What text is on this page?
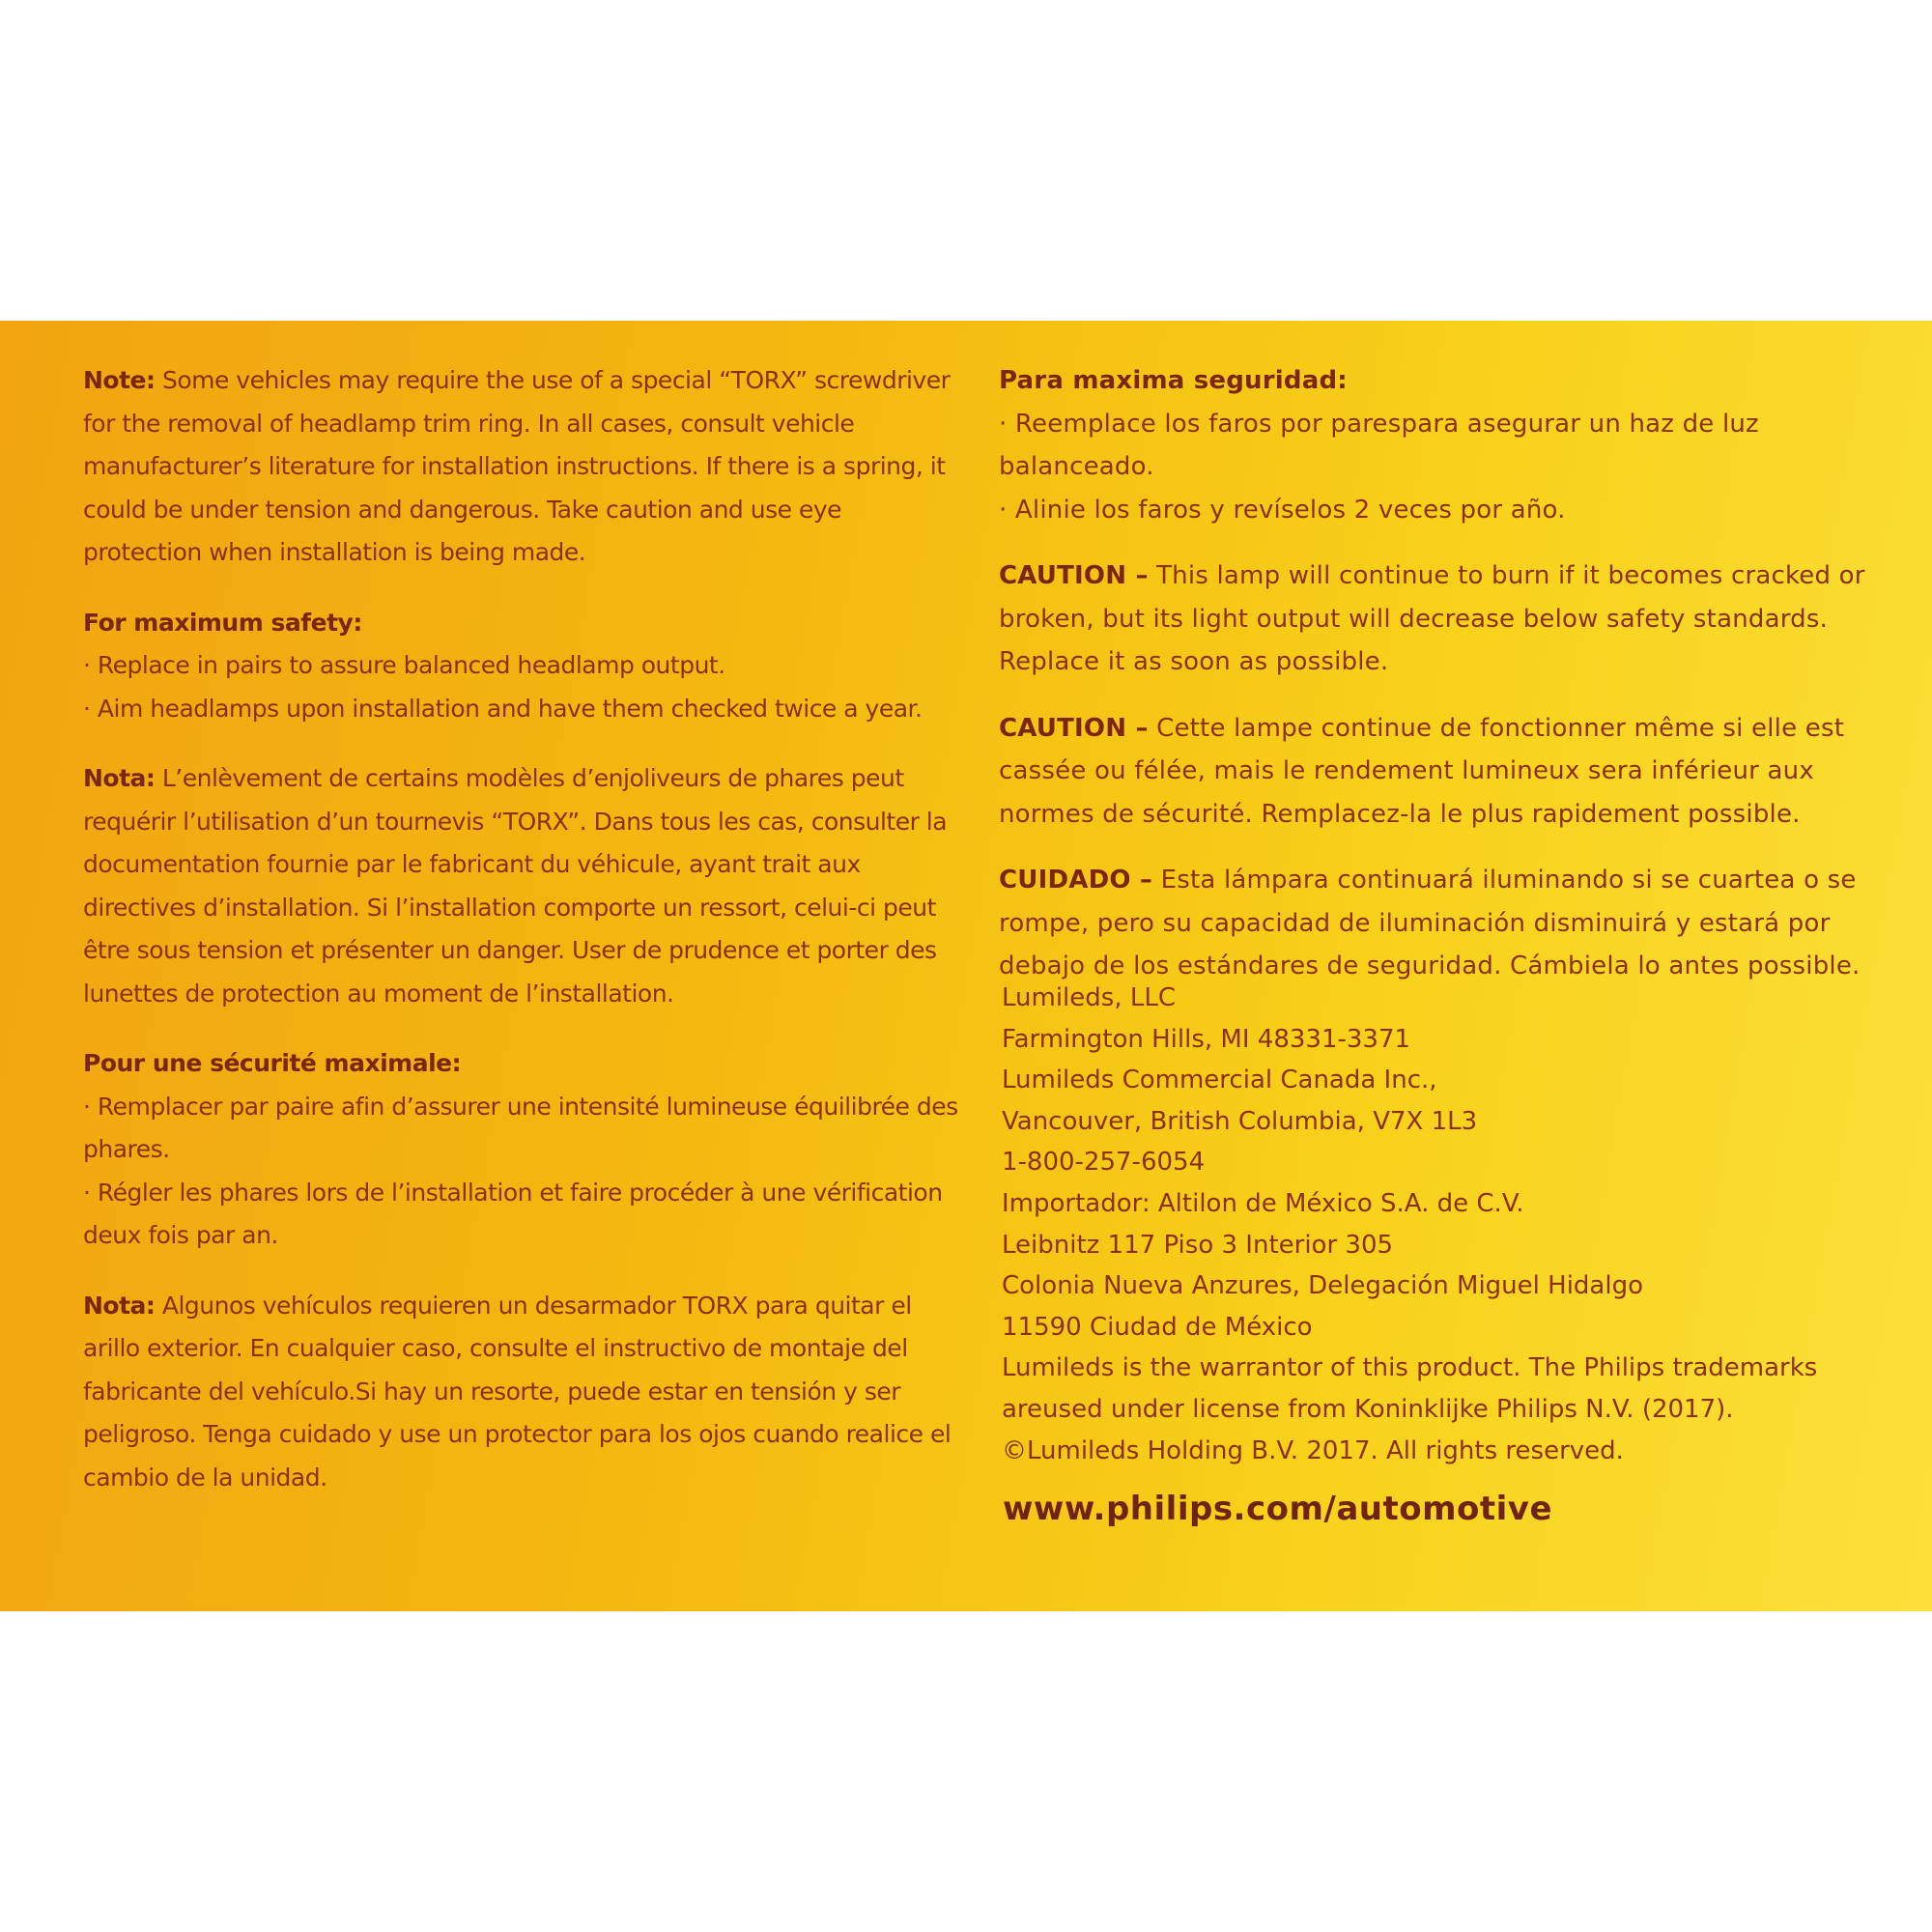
Note: Some vehicles may require the use of a special “TORX” screwdriver for the removal of headlamp trim ring. In all cases, consult vehicle manufacturer’s literature for installation instructions. If there is a spring, it could be under tension and dangerous. Take caution and use eye protection when installation is being made.

For maximum safety:

· Replace in pairs to assure balanced headlamp output.
· Aim headlamps upon installation and have them checked twice a year.

Nota: L’enlèvement de certains modèles d’enjoliveurs de phares peut requérir l’utilisation d’un tournevis “TORX”. Dans tous les cas, consulter la documentation fournie par le fabricant du véhicule, ayant trait aux directives d’installation. Si l’installation comporte un ressort, celui-ci peut être sous tension et présenter un danger. User de prudence et porter des lunettes de protection au moment de l’installation.

Pour une sécurité maximale:

· Remplacer par paire afin d’assurer une intensité lumineuse équilibrée des phares.
· Régler les phares lors de l’installation et faire procéder à une vérification deux fois par an.

Nota: Algunos vehículos requieren un desarmador TORX para quitar el arillo exterior. En cualquier caso, consulte el instructivo de montaje del fabricante del vehículo.Si hay un resorte, puede estar en tensión y ser peligroso. Tenga cuidado y use un protector para los ojos cuando realice el cambio de la unidad.

Para maxima seguridad:

· Reemplace los faros por parespara asegurar un haz de luz balanceado.
· Alinie los faros y revíselos 2 veces por año.

CAUTION – This lamp will continue to burn if it becomes cracked or broken, but its light output will decrease below safety standards. Replace it as soon as possible.

CAUTION – Cette lampe continue de fonctionner même si elle est cassée ou félée, mais le rendement lumineux sera inférieur aux normes de sécurité. Remplacez-la le plus rapidement possible.

CUIDADO – Esta lámpara continuará iluminando si se cuartea o se rompe, pero su capacidad de iluminación disminuirá y estará por debajo de los estándares de seguridad. Cámbiela lo antes possible.

Lumileds, LLC
Farmington Hills, MI 48331-3371
Lumileds Commercial Canada Inc.,
Vancouver, British Columbia, V7X 1L3
1-800-257-6054
Importador: Altilon de México S.A. de C.V.
Leibnitz 117 Piso 3 Interior 305
Colonia Nueva Anzures, Delegación Miguel Hidalgo
11590 Ciudad de México
Lumileds is the warrantor of this product. The Philips trademarks
areused under license from Koninklijke Philips N.V. (2017).
©Lumileds Holding B.V. 2017. All rights reserved.
www.philips.com/automotive
